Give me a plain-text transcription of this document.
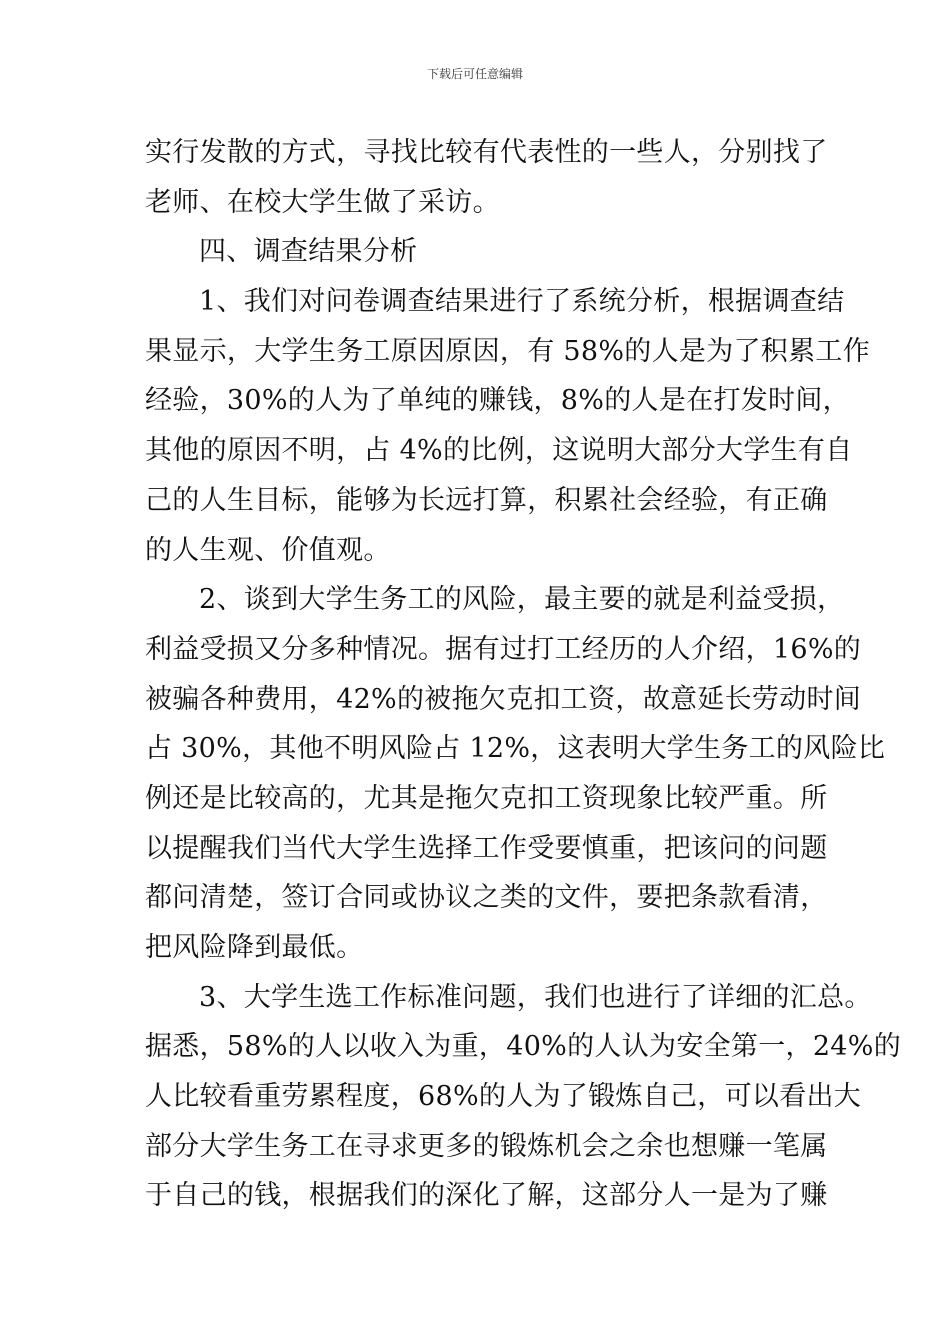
下载后可任意编辑
实行发散的方式，寻找比较有代表性的一些人，分别找了
老师、在校大学生做了采访。
四、调查结果分析
1、我们对问卷调查结果进行了系统分析，根据调查结
果显示，大学生务工原因原因，有 58%的人是为了积累工作
经验，30%的人为了单纯的赚钱，8%的人是在打发时间，
其他的原因不明，占 4%的比例，这说明大部分大学生有自
己的人生目标，能够为长远打算，积累社会经验，有正确
的人生观、价值观。
2、谈到大学生务工的风险，最主要的就是利益受损，
利益受损又分多种情况。据有过打工经历的人介绍，16%的
被骗各种费用，42%的被拖欠克扣工资，故意延长劳动时间
占 30%，其他不明风险占 12%，这表明大学生务工的风险比
例还是比较高的，尤其是拖欠克扣工资现象比较严重。所
以提醒我们当代大学生选择工作受要慎重，把该问的问题
都问清楚，签订合同或协议之类的文件，要把条款看清，
把风险降到最低。
3、大学生选工作标准问题，我们也进行了详细的汇总。
据悉，58%的人以收入为重，40%的人认为安全第一，24%的
人比较看重劳累程度，68%的人为了锻炼自己，可以看出大
部分大学生务工在寻求更多的锻炼机会之余也想赚一笔属
于自己的钱，根据我们的深化了解，这部分人一是为了赚
